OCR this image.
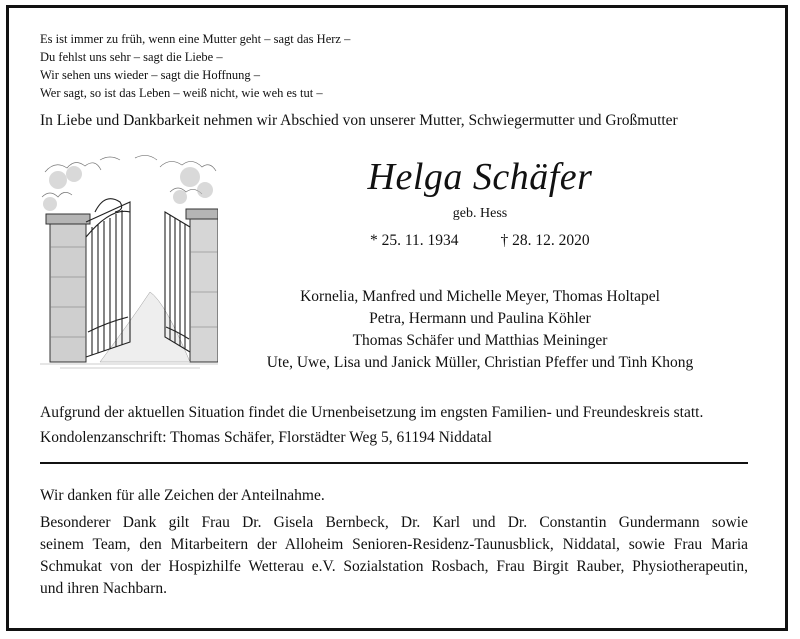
Es ist immer zu früh, wenn eine Mutter geht – sagt das Herz –
Du fehlst uns sehr – sagt die Liebe –
Wir sehen uns wieder – sagt die Hoffnung –
Wer sagt, so ist das Leben – weiß nicht, wie weh es tut –
In Liebe und Dankbarkeit nehmen wir Abschied von unserer Mutter, Schwiegermutter und Großmutter
Helga Schäfer
geb. Hess
* 25. 11. 1934	† 28. 12. 2020
Kornelia, Manfred und Michelle Meyer, Thomas Holtapel
Petra, Hermann und Paulina Köhler
Thomas Schäfer und Matthias Meininger
Ute, Uwe, Lisa und Janick Müller, Christian Pfeffer und Tinh Khong
Aufgrund der aktuellen Situation findet die Urnenbeisetzung im engsten Familien- und Freundeskreis statt.
Kondolenzanschrift: Thomas Schäfer, Florstädter Weg 5, 61194 Niddatal
Wir danken für alle Zeichen der Anteilnahme.
Besonderer Dank gilt Frau Dr. Gisela Bernbeck, Dr. Karl und Dr. Constantin Gundermann sowie
seinem Team, den Mitarbeitern der Alloheim Senioren-Residenz-Taunusblick, Niddatal, sowie Frau Maria
Schmukat von der Hospizhilfe Wetterau e.V. Sozialstation Rosbach, Frau Birgit Rauber, Physiotherapeutin,
und ihren Nachbarn.
